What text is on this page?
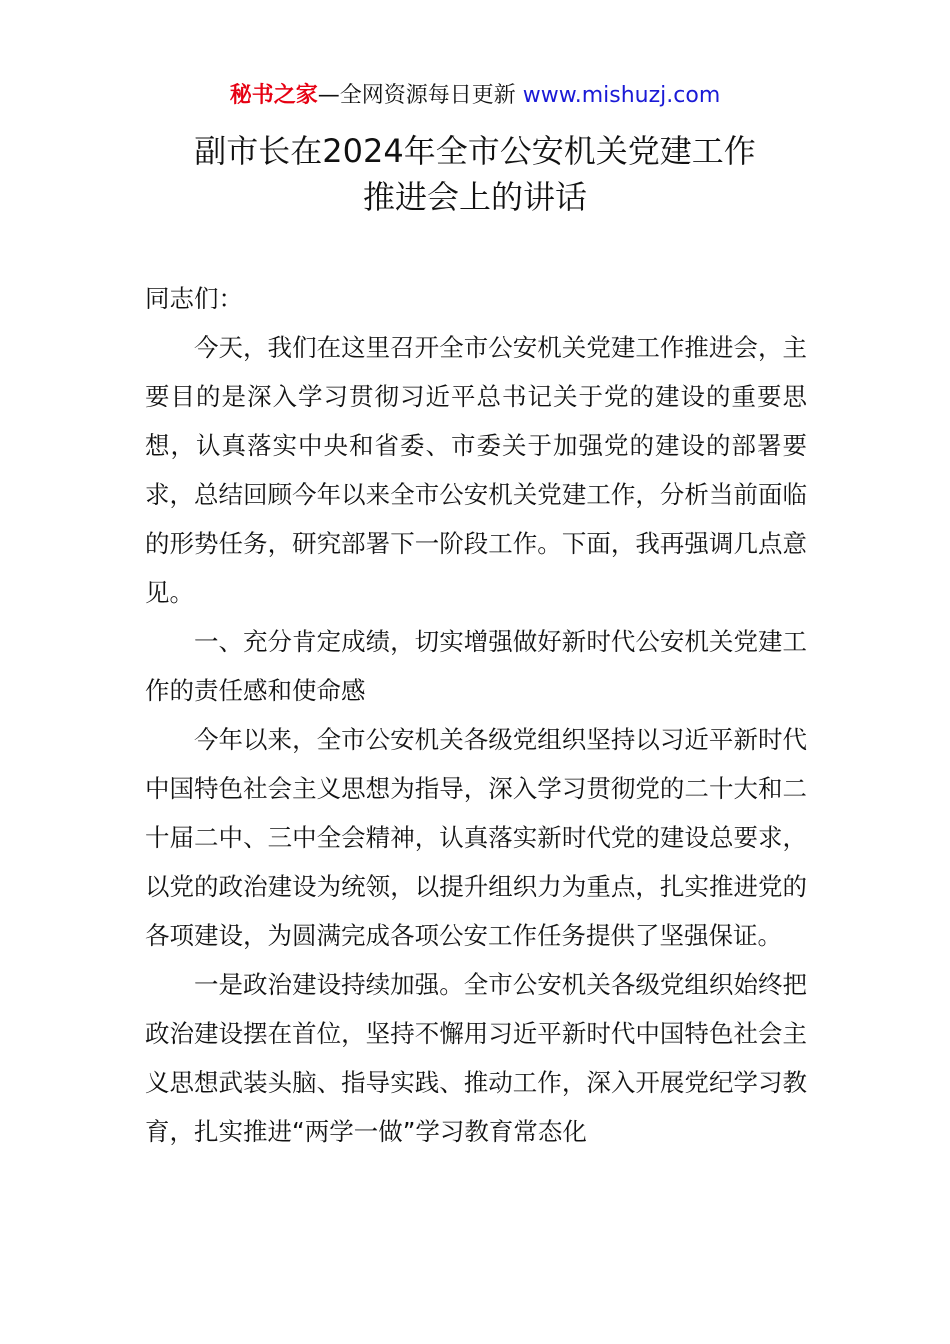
秘书之家—全网资源每日更新 www.mishuzj.com
副市长在2024年全市公安机关党建工作
推进会上的讲话

同志们：

今天，我们在这里召开全市公安机关党建工作推进会，主要目的是深入学习贯彻习近平总书记关于党的建设的重要思想，认真落实中央和省委、市委关于加强党的建设的部署要求，总结回顾今年以来全市公安机关党建工作，分析当前面临的形势任务，研究部署下一阶段工作。下面，我再强调几点意见。

一、充分肯定成绩，切实增强做好新时代公安机关党建工作的责任感和使命感

今年以来，全市公安机关各级党组织坚持以习近平新时代中国特色社会主义思想为指导，深入学习贯彻党的二十大和二十届二中、三中全会精神，认真落实新时代党的建设总要求，以党的政治建设为统领，以提升组织力为重点，扎实推进党的各项建设，为圆满完成各项公安工作任务提供了坚强保证。

一是政治建设持续加强。全市公安机关各级党组织始终把政治建设摆在首位，坚持不懈用习近平新时代中国特色社会主义思想武装头脑、指导实践、推动工作，深入开展党纪学习教育，扎实推进“两学一做”学习教育常态化
